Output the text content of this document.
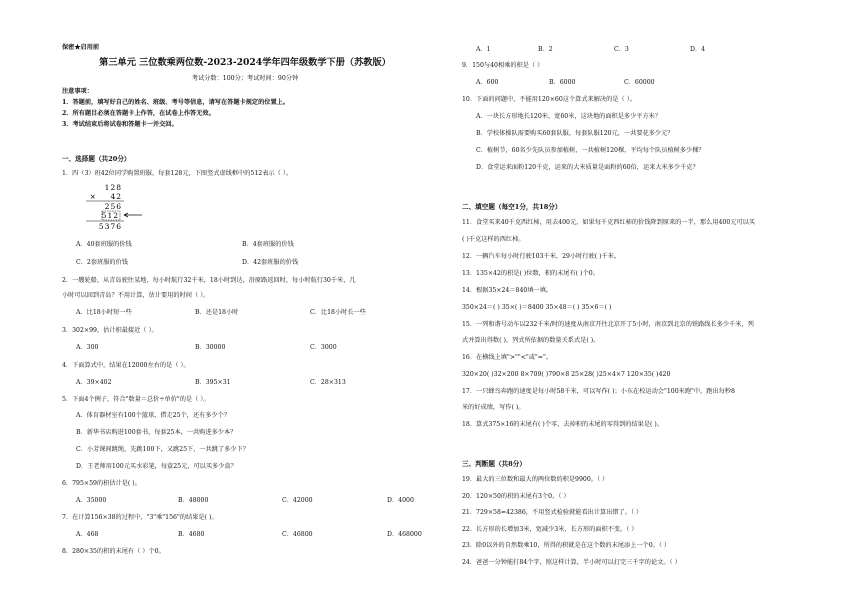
保密★启用前
第三单元 三位数乘两位数-2023-2024学年四年级数学下册（苏教版）
考试分数：100分；考试时间：90分钟
注意事项：
1．答题前，填写好自己的姓名、班级、考号等信息，请写在答题卡规定的位置上。
2．所有题目必须在答题卡上作答，在试卷上作答无效。
3．考试结束后将试卷和答题卡一并交回。
一、选择题（共20分）
1．四（3）班42位同学购置班服，每套128元，下图竖式虚线框中的512表示（ ）。
128
×    42
256
512
5376
A．40套班服的价钱	B．4套班服的价钱
C．2套班服的价钱	D．42套班服的价钱
2．一艘轮船，从青岛驶往某地，每小时航行32千米，18小时到达，沿原路返回时，每小时航行30千米，几
小时可以回到青岛？不用计算，估计要用的时间（ ）。
A．比18小时短一些	B．还是18小时	C．比18小时长一些
3．302×99，估计积最接近（ ）。
A．300	B．30000	C．3000
4．下面算式中，结果在12000左右的是（ ）。
A．39×402	B．395×31	C．28×313
5．下面4个例子，符合"数量＝总价÷单价"的是（ ）。
A．体育器材室有100个篮球，借走25个，还有多少个？
B．新华书店购进100套书，每套25本，一共购进多少本？
C．小芳课间跳绳，先跳100下，又跳25下，一共跳了多少下？
D．王老师用100元买水彩笔，每盒25元，可以买多少盒？
6．795×59的积估计是( )。
A．35000	B．48000	C．42000	D．4000
7．在计算156×38的过程中，"3"乘"156"的结果是( )。
A．468	B．4680	C．46800	D．468000
8．280×35的积的末尾有（ ）个0。
A．1	B．2	C．3	D．4
9．150与40相乘的积是（ ）
A．600	B．6000	C．60000
10．下面的问题中，不能用120×60这个算式来解决的是（ ）。
A．一块长方形地长120米，宽60米，这块地的面积是多少平方米？
B．学校体操队需要购买60套队服，每套队服120元，一共要花多少元？
C．植树节，60名少先队员参加植树，一共植树120棵，平均每个队员植树多少棵？
D．食堂运来面粉120千克，运来的大米质量是面粉的60倍，运来大米多少千克？
二、填空题（每空1分，共18分）
11．食堂买来40千克西红柿，用去400元，如果每千克西红柿的价钱降到原来的一半，那么用400元可以买
( )千克这样的西红柿。
12．一辆汽车每小时行驶103千米，29小时行驶( )千米。
13．135×42的积是( )位数，积的末尾有( )个0。
14．根据35×24＝840填一填。
350×24＝( ) 35×( )＝8400 35×48＝( ) 35×6＝( )
15．一列和谐号动车以232千米/时的速度从南京开往北京开了5小时，南京到北京的铁路线长多少千米，列
式并算出得数( )，列式所依据的数量关系式是( )。
16．在横线上填">""<"或"="。
320×20( )32×200 8×709( )790×8 25×28( )25×4×7 120×35( )420
17．一只蜂鸟奔跑的速度是每小时58千米，可以写作( )；小东在校运动会"100米跑"中，跑出每秒8
米的好成绩，写作( )。
18．算式375×16的末尾有( )个零，去掉积的末尾的零得到的结果是( )。
三、判断题（共8分）
19．最大的三位数和最大的两位数的积是9900。（ ）
20．120×50的积的末尾有3个0。（ ）
21．729×58≈42386，不用竖式检验就能看出计算出错了。（ ）
22．长方形的长增加3米，宽减少3米，长方形的面积不变。（ ）
23．除0以外的自然数乘10，所得的积就是在这个数的末尾添上一个0。（ ）
24．爸爸一分钟能打84个字，照这样计算，半小时可以打完三千字的论文。（ ）
